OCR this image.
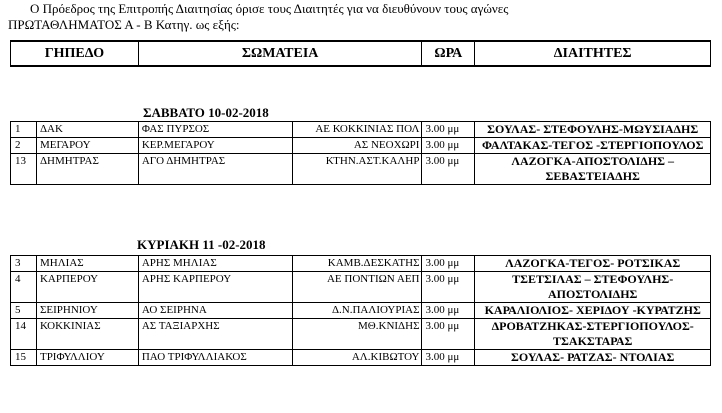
Ο Πρόεδρος της Επιτροπής Διαιτησίας όρισε τους Διαιτητές για να διευθύνουν τους αγώνες

ΠΡΩΤΑΘΛΗΜΑΤΟΣ Α - Β Κατηγ. ως εξής:

ΓΗΠΕΔΟ	ΣΩΜΑΤΕΙΑ	ΩΡΑ	ΔΙΑΙΤΗΤΕΣ
ΣΑΒΒΑΤΟ 10-02-2018
1	ΔΑΚ	ΦΑΣ ΠΥΡΣΟΣ	ΑΕ ΚΟΚΚΙΝΙΑΣ ΠΟΛ	3.00 μμ	ΣΟΥΛΑΣ- ΣΤΕΦΟΥΛΗΣ-ΜΩΥΣΙΑΔΗΣ
2	ΜΕΓΑΡΟΥ	ΚΕΡ.ΜΕΓΑΡΟΥ	ΑΣ ΝΕΟΧΩΡΙ	3.00 μμ	ΦΑΛΤΑΚΑΣ-ΤΕΓΟΣ -ΣΤΕΡΓΙΟΠΟΥΛΟΣ
13	ΔΗΜΗΤΡΑΣ	ΑΓΟ ΔΗΜΗΤΡΑΣ	ΚΤΗΝ.ΑΣΤ.ΚΑΛΗΡ	3.00 μμ	ΛΑΖΟΓΚΑ-ΑΠΟΣΤΟΛΙΔΗΣ –ΣΕΒΑΣΤΕΙΑΔΗΣ
ΚΥΡΙΑΚΗ 11 -02-2018
3	ΜΗΛΙΑΣ	ΑΡΗΣ ΜΗΛΙΑΣ	ΚΑΜΒ.ΔΕΣΚΑΤΗΣ	3.00 μμ	ΛΑΖΟΓΚΑ-ΤΕΓΟΣ- ΡΟΤΣΙΚΑΣ
4	ΚΑΡΠΕΡΟΥ	ΑΡΗΣ ΚΑΡΠΕΡΟΥ	ΑΕ ΠΟΝΤΙΩΝ ΑΕΠ	3.00 μμ	ΤΣΕΤΣΙΛΑΣ – ΣΤΕΦΟΥΛΗΣ-ΑΠΟΣΤΟΛΙΔΗΣ
5	ΣΕΙΡΗΝΙΟΥ	ΑΟ ΣΕΙΡΗΝΑ	Δ.Ν.ΠΑΛΙΟΥΡΙΑΣ	3.00 μμ	ΚΑΡΑΛΙΟΛΙΟΣ- ΧΕΡΙΔΟΥ -ΚΥΡΑΤΖΗΣ
14	ΚΟΚΚΙΝΙΑΣ	ΑΣ ΤΑΞΙΑΡΧΗΣ	ΜΘ.ΚΝΙΔΗΣ	3.00 μμ	ΔΡΟΒΑΤΖΗΚΑΣ-ΣΤΕΡΓΙΟΠΟΥΛΟΣ-ΤΣΑΚΣΤΑΡΑΣ
15	ΤΡΙΦΥΛΛΙΟΥ	ΠΑΟ ΤΡΙΦΥΛΛΙΑΚΟΣ	ΑΛ.ΚΙΒΩΤΟΥ	3.00 μμ	ΣΟΥΛΑΣ- ΡΑΤΖΑΣ- ΝΤΟΛΙΑΣ
